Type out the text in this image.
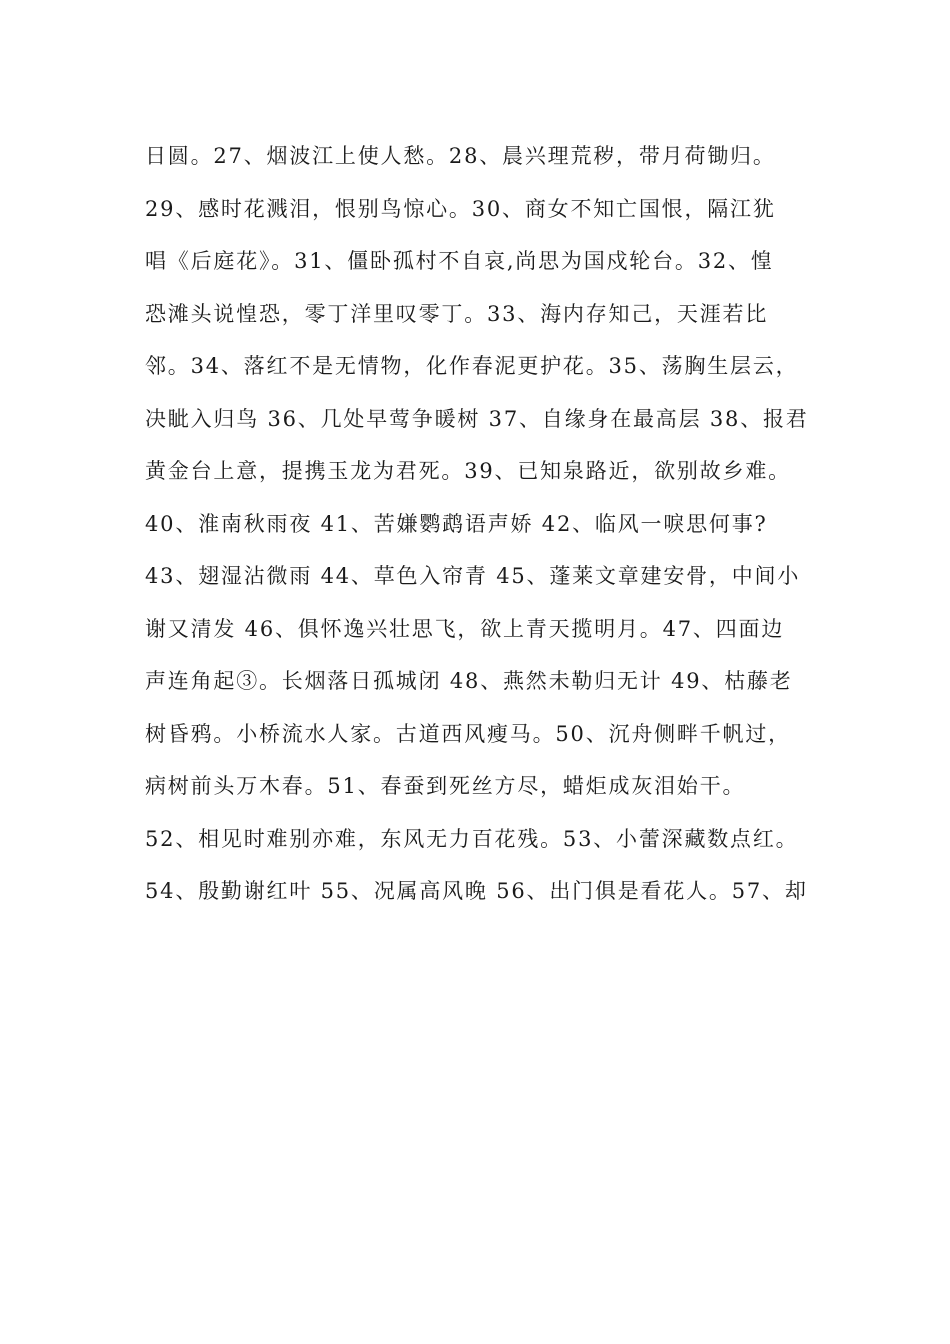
日圆。27、烟波江上使人愁。28、晨兴理荒秽，带月荷锄归。
29、感时花溅泪，恨别鸟惊心。30、商女不知亡国恨，隔江犹
唱《后庭花》。31、僵卧孤村不自哀,尚思为国戍轮台。32、惶
恐滩头说惶恐，零丁洋里叹零丁。33、海内存知己，天涯若比
邻。34、落红不是无情物，化作春泥更护花。35、荡胸生层云，
决眦入归鸟 36、几处早莺争暖树 37、自缘身在最高层 38、报君
黄金台上意，提携玉龙为君死。39、已知泉路近，欲别故乡难。
40、淮南秋雨夜 41、苦嫌鹦鹉语声娇 42、临风一唳思何事?
43、翅湿沾微雨 44、草色入帘青 45、蓬莱文章建安骨，中间小
谢又清发 46、俱怀逸兴壮思飞，欲上青天揽明月。47、四面边
声连角起③。长烟落日孤城闭 48、燕然未勒归无计 49、枯藤老
树昏鸦。小桥流水人家。古道西风瘦马。50、沉舟侧畔千帆过，
病树前头万木春。51、春蚕到死丝方尽，蜡炬成灰泪始干。
52、相见时难别亦难，东风无力百花残。53、小蕾深藏数点红。
54、殷勤谢红叶 55、况属高风晚 56、出门俱是看花人。57、却
